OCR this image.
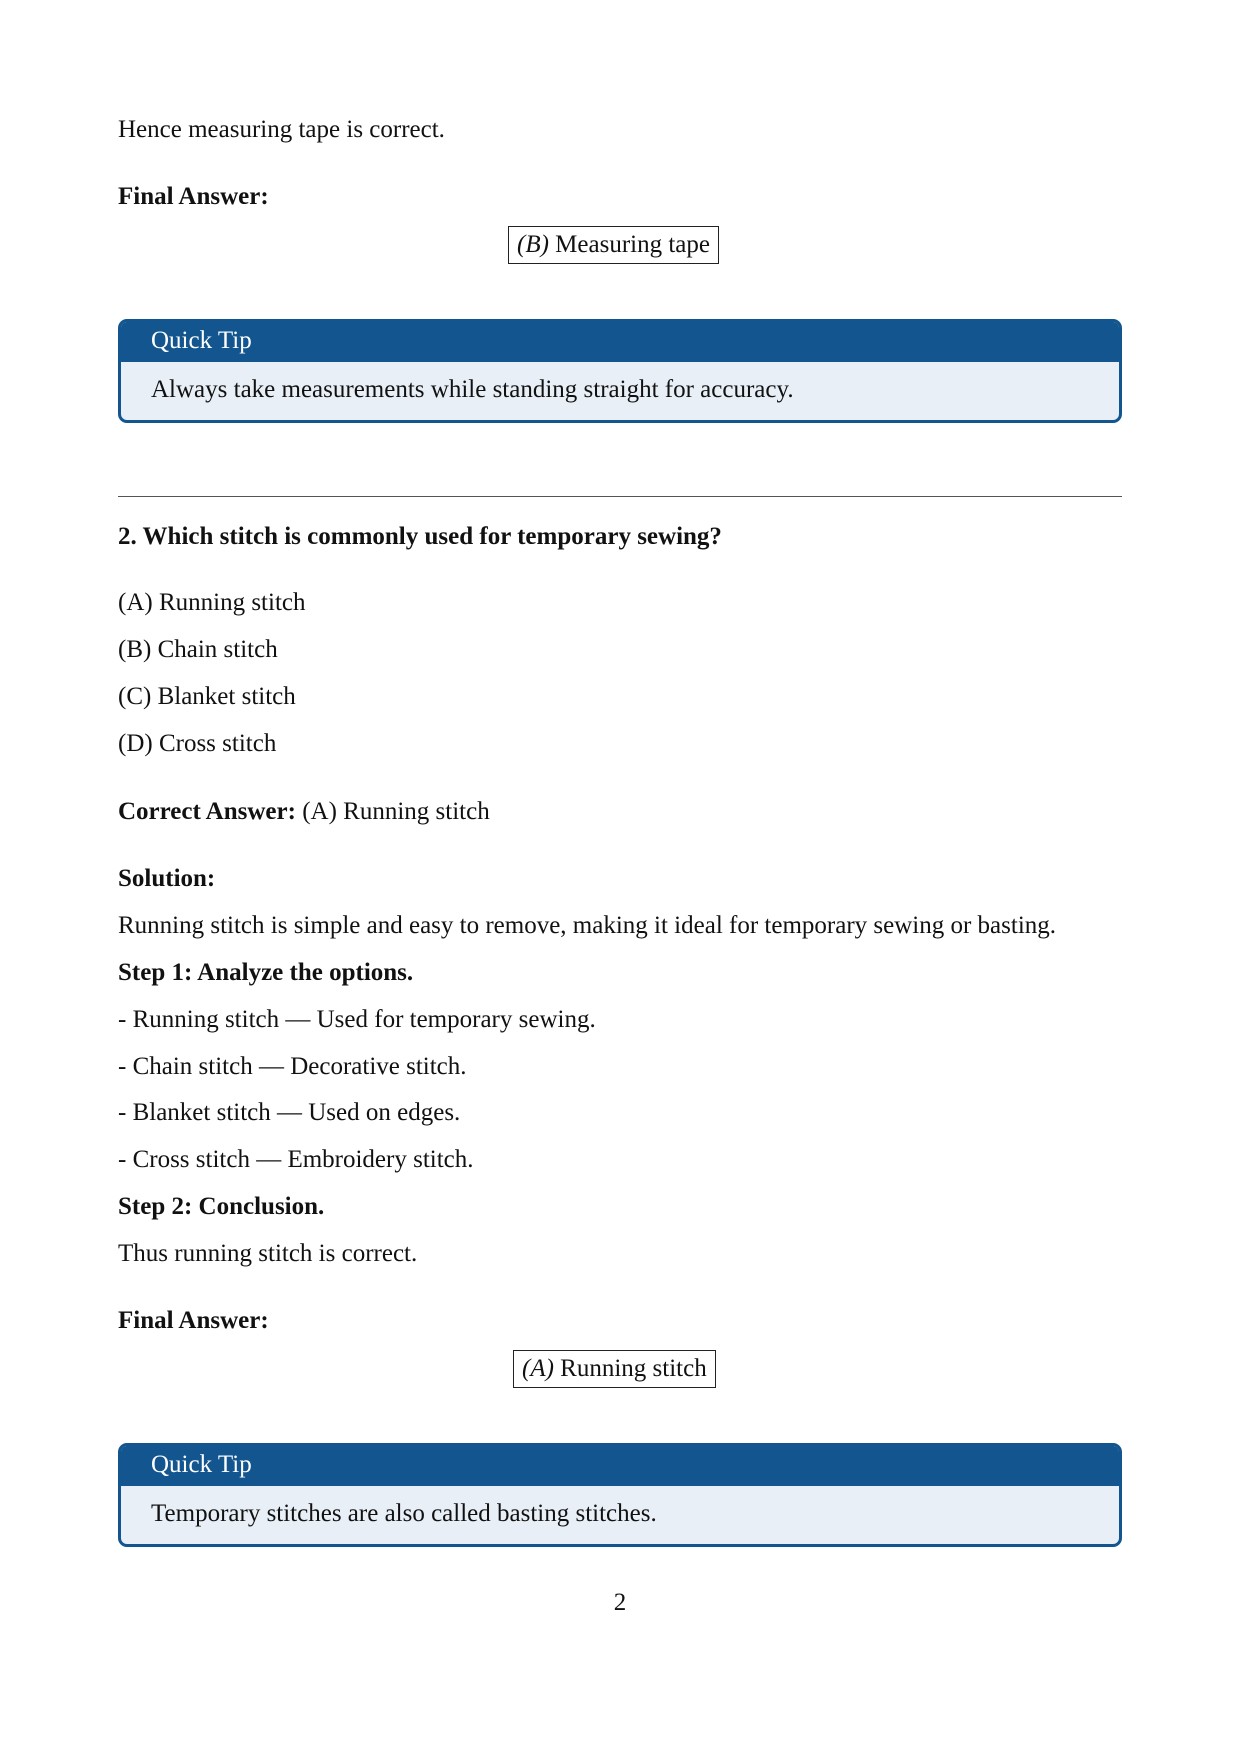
Hence measuring tape is correct.
Final Answer:
(B) Measuring tape
Quick Tip
Always take measurements while standing straight for accuracy.
2. Which stitch is commonly used for temporary sewing?
(A) Running stitch
(B) Chain stitch
(C) Blanket stitch
(D) Cross stitch
Correct Answer: (A) Running stitch
Solution:
Running stitch is simple and easy to remove, making it ideal for temporary sewing or basting.
Step 1: Analyze the options.
- Running stitch — Used for temporary sewing.
- Chain stitch — Decorative stitch.
- Blanket stitch — Used on edges.
- Cross stitch — Embroidery stitch.
Step 2: Conclusion.
Thus running stitch is correct.
Final Answer:
(A) Running stitch
Quick Tip
Temporary stitches are also called basting stitches.
2
